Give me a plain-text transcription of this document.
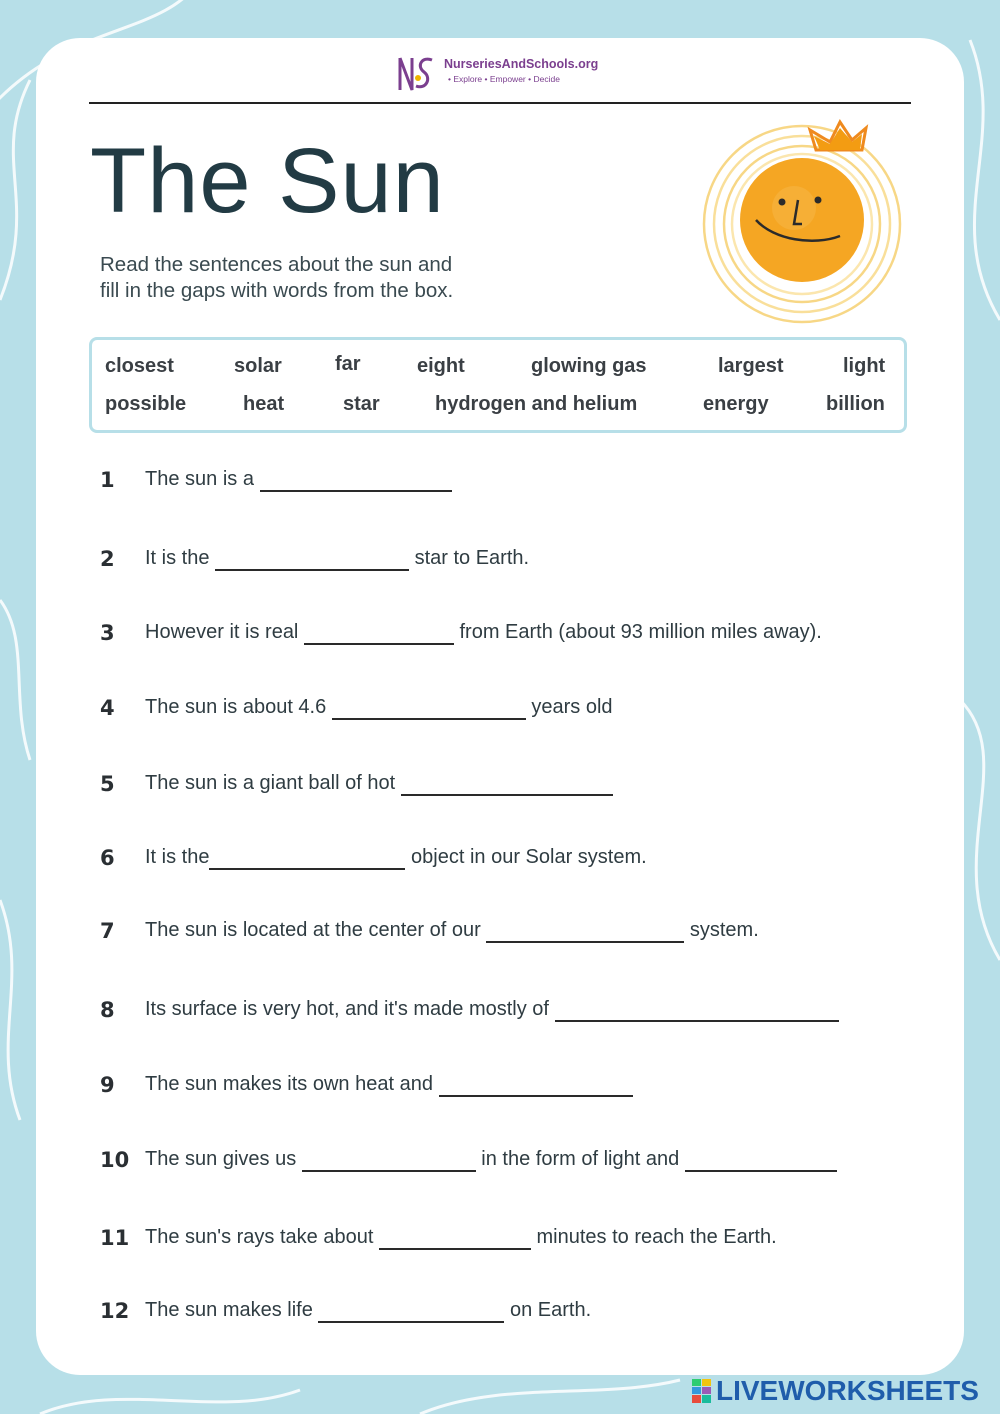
NurseriesAndSchools.org
• Explore • Empower • Decide
The Sun
Read the sentences about the sun and
fill in the gaps with words from the box.
closest	solar	far	eight	glowing gas	largest	light
possible	heat	star	hydrogen and helium	energy	billion
1 The sun is a
2 It is the	star to Earth.
3 However it is real	from Earth (about 93 million miles away).
4 The sun is about 4.6	years old
5 The sun is a giant ball of hot
6 It is the	object in our Solar system.
7 The sun is located at the center of our	system.
8 Its surface is very hot, and it's made mostly of
9 The sun makes its own heat and
10 The sun gives us	in the form of light and
11 The sun's rays take about	minutes to reach the Earth.
12 The sun makes life	on Earth.
LIVEWORKSHEETS
